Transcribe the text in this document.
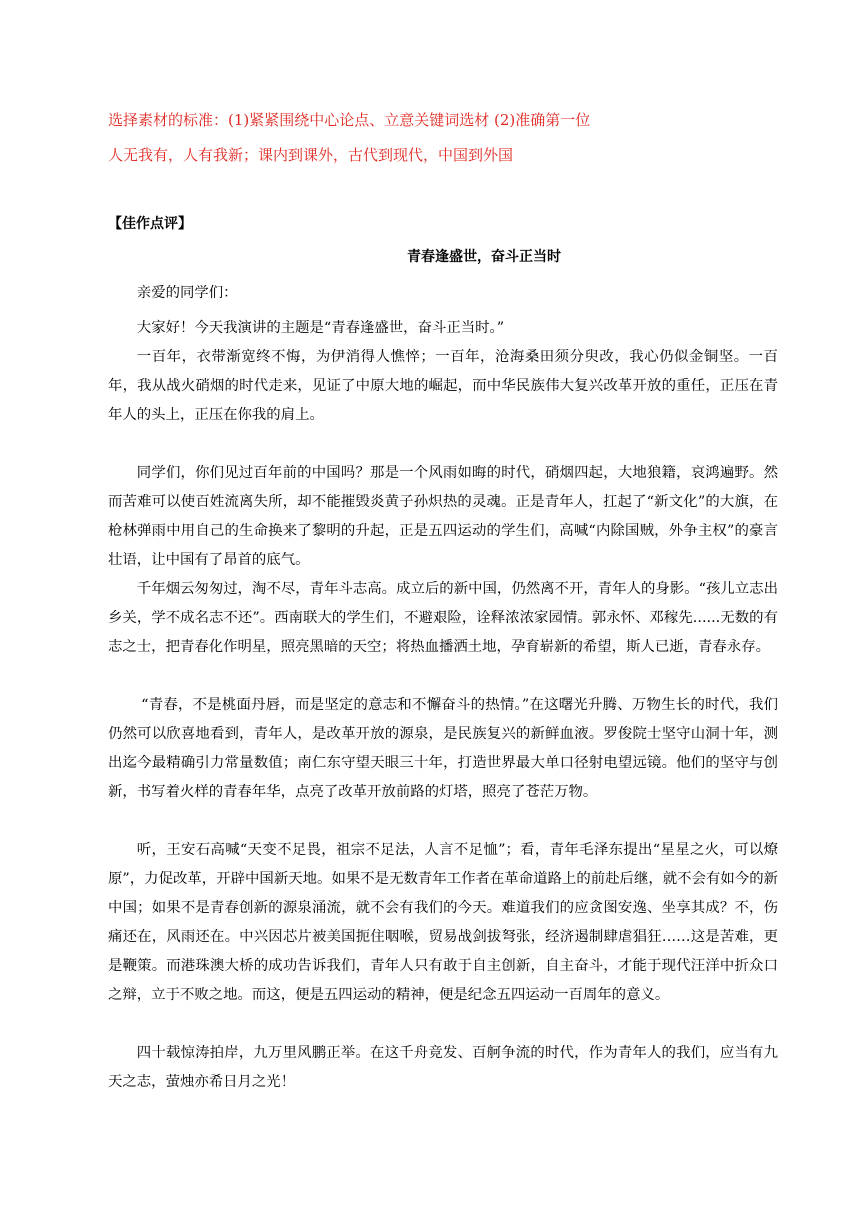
选择素材的标准：(1)紧紧围绕中心论点、立意关键词选材 (2)准确第一位
人无我有，人有我新；课内到课外，古代到现代，中国到外国
【佳作点评】
青春逢盛世，奋斗正当时

亲爱的同学们：

大家好！今天我演讲的主题是“青春逢盛世，奋斗正当时。”

一百年，衣带渐宽终不悔，为伊消得人憔悴；一百年，沧海桑田须分臾改，我心仍似金铜坚。一百年，我从战火硝烟的时代走来，见证了中原大地的崛起，而中华民族伟大复兴改革开放的重任，正压在青年人的头上，正压在你我的肩上。

同学们，你们见过百年前的中国吗？那是一个风雨如晦的时代，硝烟四起，大地狼籍，哀鸿遍野。然而苦难可以使百姓流离失所，却不能摧毁炎黄子孙炽热的灵魂。正是青年人，扛起了“新文化”的大旗，在枪林弹雨中用自己的生命换来了黎明的升起，正是五四运动的学生们，高喊“内除国贼，外争主权”的豪言壮语，让中国有了昂首的底气。

千年烟云匆匆过，淘不尽，青年斗志高。成立后的新中国，仍然离不开，青年人的身影。“孩儿立志出乡关，学不成名志不还”。西南联大的学生们，不避艰险，诠释浓浓家园情。郭永怀、邓稼先......无数的有志之士，把青春化作明星，照亮黑暗的天空；将热血播洒土地，孕育崭新的希望，斯人已逝，青春永存。

“青春，不是桃面丹唇，而是坚定的意志和不懈奋斗的热情。”在这曙光升腾、万物生长的时代，我们仍然可以欣喜地看到，青年人，是改革开放的源泉，是民族复兴的新鲜血液。罗俊院士坚守山洞十年，测出迄今最精确引力常量数值；南仁东守望天眼三十年，打造世界最大单口径射电望远镜。他们的坚守与创新，书写着火样的青春年华，点亮了改革开放前路的灯塔，照亮了苍茫万物。

听，王安石高喊“天变不足畏，祖宗不足法，人言不足恤”；看，青年毛泽东提出“星星之火，可以燎原”，力促改革，开辟中国新天地。如果不是无数青年工作者在革命道路上的前赴后继，就不会有如今的新中国；如果不是青春创新的源泉涌流，就不会有我们的今天。难道我们的应贪图安逸、坐享其成？不，伤痛还在，风雨还在。中兴因芯片被美国扼住咽喉，贸易战剑拔弩张，经济遏制肆虐猖狂……这是苦难，更是鞭策。而港珠澳大桥的成功告诉我们，青年人只有敢于自主创新，自主奋斗，才能于现代汪洋中折众口之辩，立于不败之地。而这，便是五四运动的精神，便是纪念五四运动一百周年的意义。

四十载惊涛拍岸，九万里风鹏正举。在这千舟竞发、百舸争流的时代，作为青年人的我们，应当有九天之志，萤烛亦希日月之光！
